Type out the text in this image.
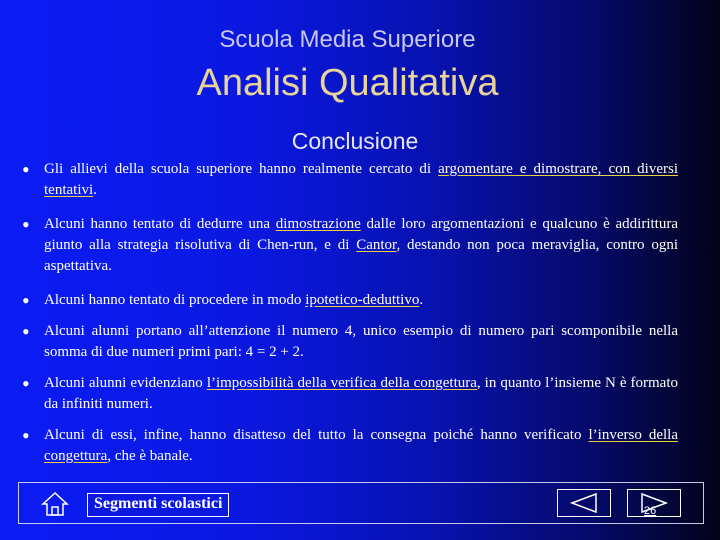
Scuola Media Superiore
Analisi Qualitativa
Conclusione
• Gli allievi della scuola superiore hanno realmente cercato di argomentare e dimostrare, con diversi tentativi.
• Alcuni hanno tentato di dedurre una dimostrazione dalle loro argomentazioni e qualcuno è addirittura giunto alla strategia risolutiva di Chen-run, e di Cantor, destando non poca meraviglia, contro ogni aspettativa.
• Alcuni hanno tentato di procedere in modo ipotetico-deduttivo.
• Alcuni alunni portano all’attenzione il numero 4, unico esempio di numero pari scomponibile nella somma di due numeri primi pari: 4 = 2 + 2.
• Alcuni alunni evidenziano l’impossibilità della verifica della congettura, in quanto l’insieme N è formato da infiniti numeri.
• Alcuni di essi, infine, hanno disatteso del tutto la consegna poiché hanno verificato l’inverso della congettura, che è banale.
Segmenti scolastici	26
